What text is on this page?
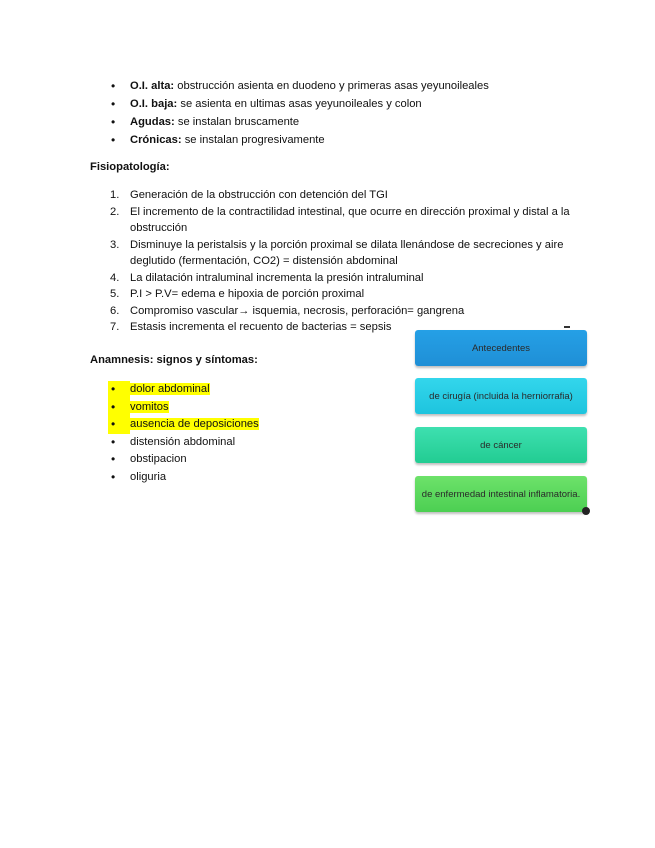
• O.I. alta: obstrucción asienta en duodeno y primeras asas yeyunoileales
• O.I. baja: se asienta en ultimas asas yeyunoileales y colon
• Agudas: se instalan bruscamente
• Crónicas: se instalan progresivamente
Fisiopatología:
1. Generación de la obstrucción con detención del TGI
2. El incremento de la contractilidad intestinal, que ocurre en dirección proximal y distal a la obstrucción
3. Disminuye la peristalsis y la porción proximal se dilata llenándose de secreciones y aire deglutido (fermentación, CO2) = distensión abdominal
4. La dilatación intraluminal incrementa la presión intraluminal
5. P.I > P.V= edema e hipoxia de porción proximal
6. Compromiso vascular→ isquemia, necrosis, perforación= gangrena
7. Estasis incrementa el recuento de bacterias = sepsis
Anamnesis: signos y síntomas:
• dolor abdominal
• vomitos
• ausencia de deposiciones
• distensión abdominal
• obstipacion
• oliguria
Antecedentes
de cirugía (incluida la herniorrafia)
de cáncer
de enfermedad intestinal inflamatoria.
